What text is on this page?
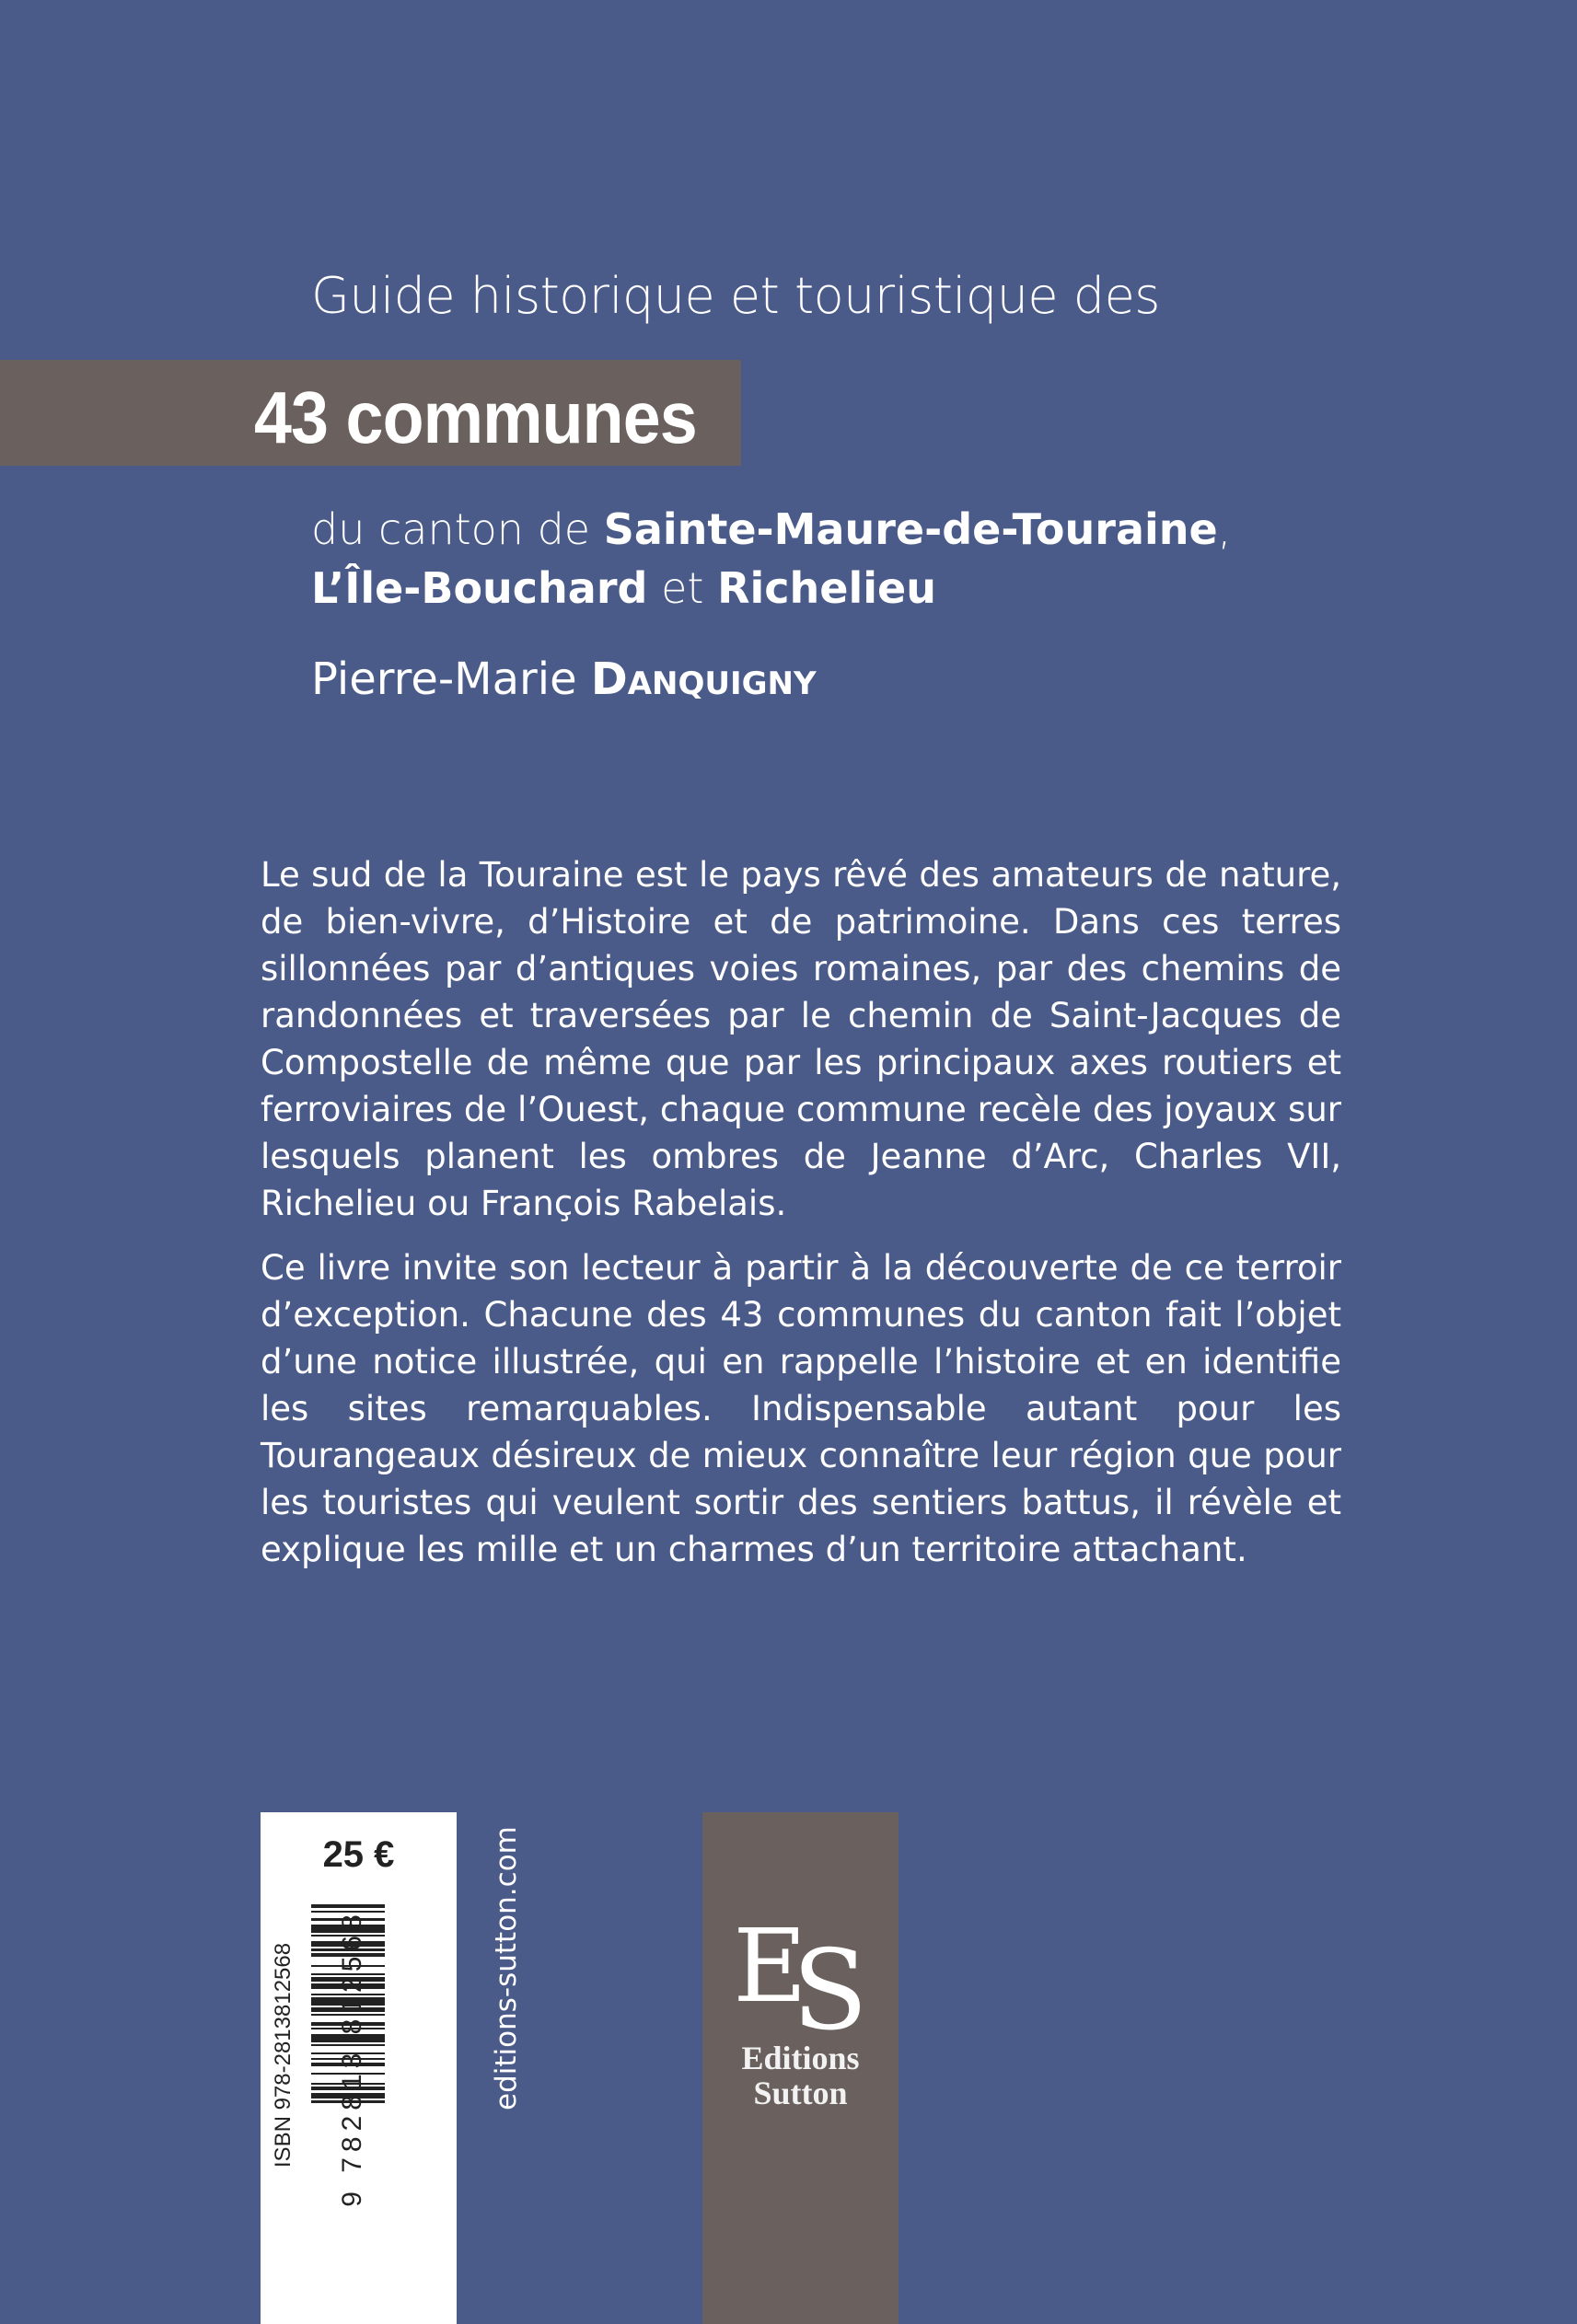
Guide historique et touristique des
43 communes
du canton de Sainte-Maure-de-Touraine,
L’Île-Bouchard et Richelieu
Pierre-Marie Danquigny

Le sud de la Touraine est le pays rêvé des amateurs de nature, de bien-vivre, d’Histoire et de patrimoine. Dans ces terres sillonnées par d’antiques voies romaines, par des chemins de randonnées et traversées par le chemin de Saint-Jacques de Compostelle de même que par les principaux axes routiers et ferroviaires de l’Ouest, chaque commune recèle des joyaux sur lesquels planent les ombres de Jeanne d’Arc, Charles VII, Richelieu ou François Rabelais.

Ce livre invite son lecteur à partir à la découverte de ce terroir d’exception. Chacune des 43 communes du canton fait l’objet d’une notice illustrée, qui en rappelle l’histoire et en identifie les sites remarquables. Indispensable autant pour les Tourangeaux désireux de mieux connaître leur région que pour les touristes qui veulent sortir des sentiers battus, il révèle et explique les mille et un charmes d’un territoire attachant.

25 €
ISBN 978-2813812568 9 782813 812568	editions-sutton.com	ES
Editions
Sutton
